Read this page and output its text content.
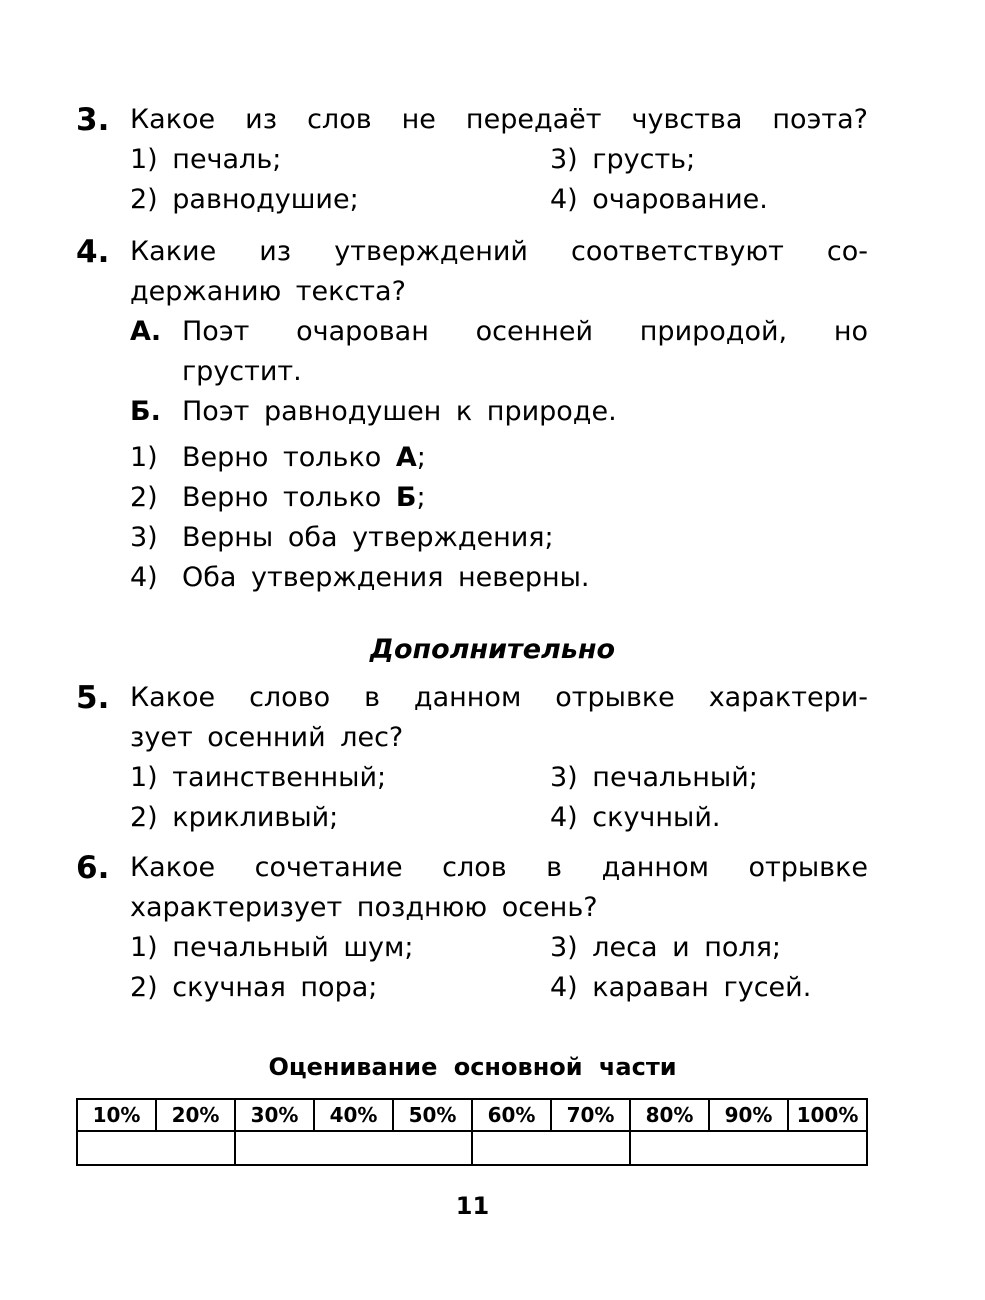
3. Какое из слов не передаёт чувства поэта?
1) печаль;	3) грусть;
2) равнодушие;	4) очарование.
4. Какие из утверждений соответствуют со-
держанию текста?
А. Поэт очарован осенней природой, но грустит.
Б. Поэт равнодушен к природе.
1) Верно только А;
2) Верно только Б;
3) Верны оба утверждения;
4) Оба утверждения неверны.
Дополнительно
5. Какое слово в данном отрывке характери-
зует осенний лес?
1) таинственный;	3) печальный;
2) крикливый;	4) скучный.
6. Какое сочетание слов в данном отрывке
характеризует позднюю осень?
1) печальный шум;	3) леса и поля;
2) скучная пора;	4) караван гусей.
Оценивание основной части
10%	20%	30%	40%	50%	60%	70%	80%	90%	100%

11
